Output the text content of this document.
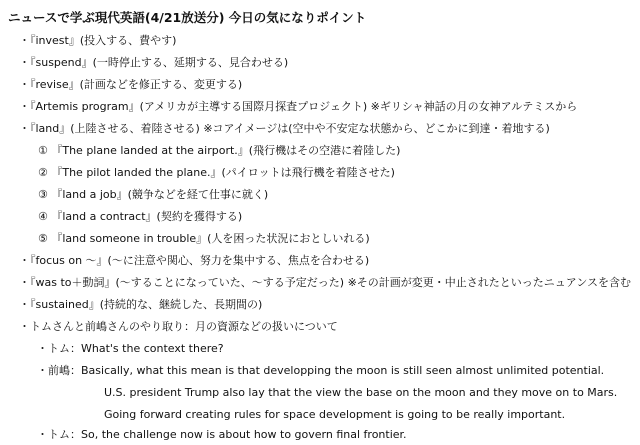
ニュースで学ぶ現代英語(4/21放送分) 今日の気になりポイント
・『invest』(投入する、費やす)
・『suspend』(一時停止する、延期する、見合わせる)
・『revise』(計画などを修正する、変更する)
・『Artemis program』(アメリカが主導する国際月探査プロジェクト) ※ギリシャ神話の月の女神アルテミスから
・『land』(上陸させる、着陸させる) ※コアイメージは(空中や不安定な状態から、どこかに到達・着地する)
① 『The plane landed at the airport.』(飛行機はその空港に着陸した)
② 『The pilot landed the plane.』(パイロットは飛行機を着陸させた)
③ 『land a job』(競争などを経て仕事に就く)
④ 『land a contract』(契約を獲得する)
⑤ 『land someone in trouble』(人を困った状況におとしいれる)
・『focus on ～』(～に注意や関心、努力を集中する、焦点を合わせる)
・『was to＋動詞』(～することになっていた、～する予定だった) ※その計画が変更・中止されたといったニュアンスを含む
・『sustained』(持続的な、継続した、長期間の)
・トムさんと前嶋さんのやり取り：月の資源などの扱いについて
・トム：What's the context there?
・前嶋：Basically, what this mean is that developping the moon is still seen almost unlimited potential.
U.S. president Trump also lay that the view the base on the moon and they move on to Mars.
Going forward creating rules for space development is going to be really important.
・トム：So, the challenge now is about how to govern final frontier.
